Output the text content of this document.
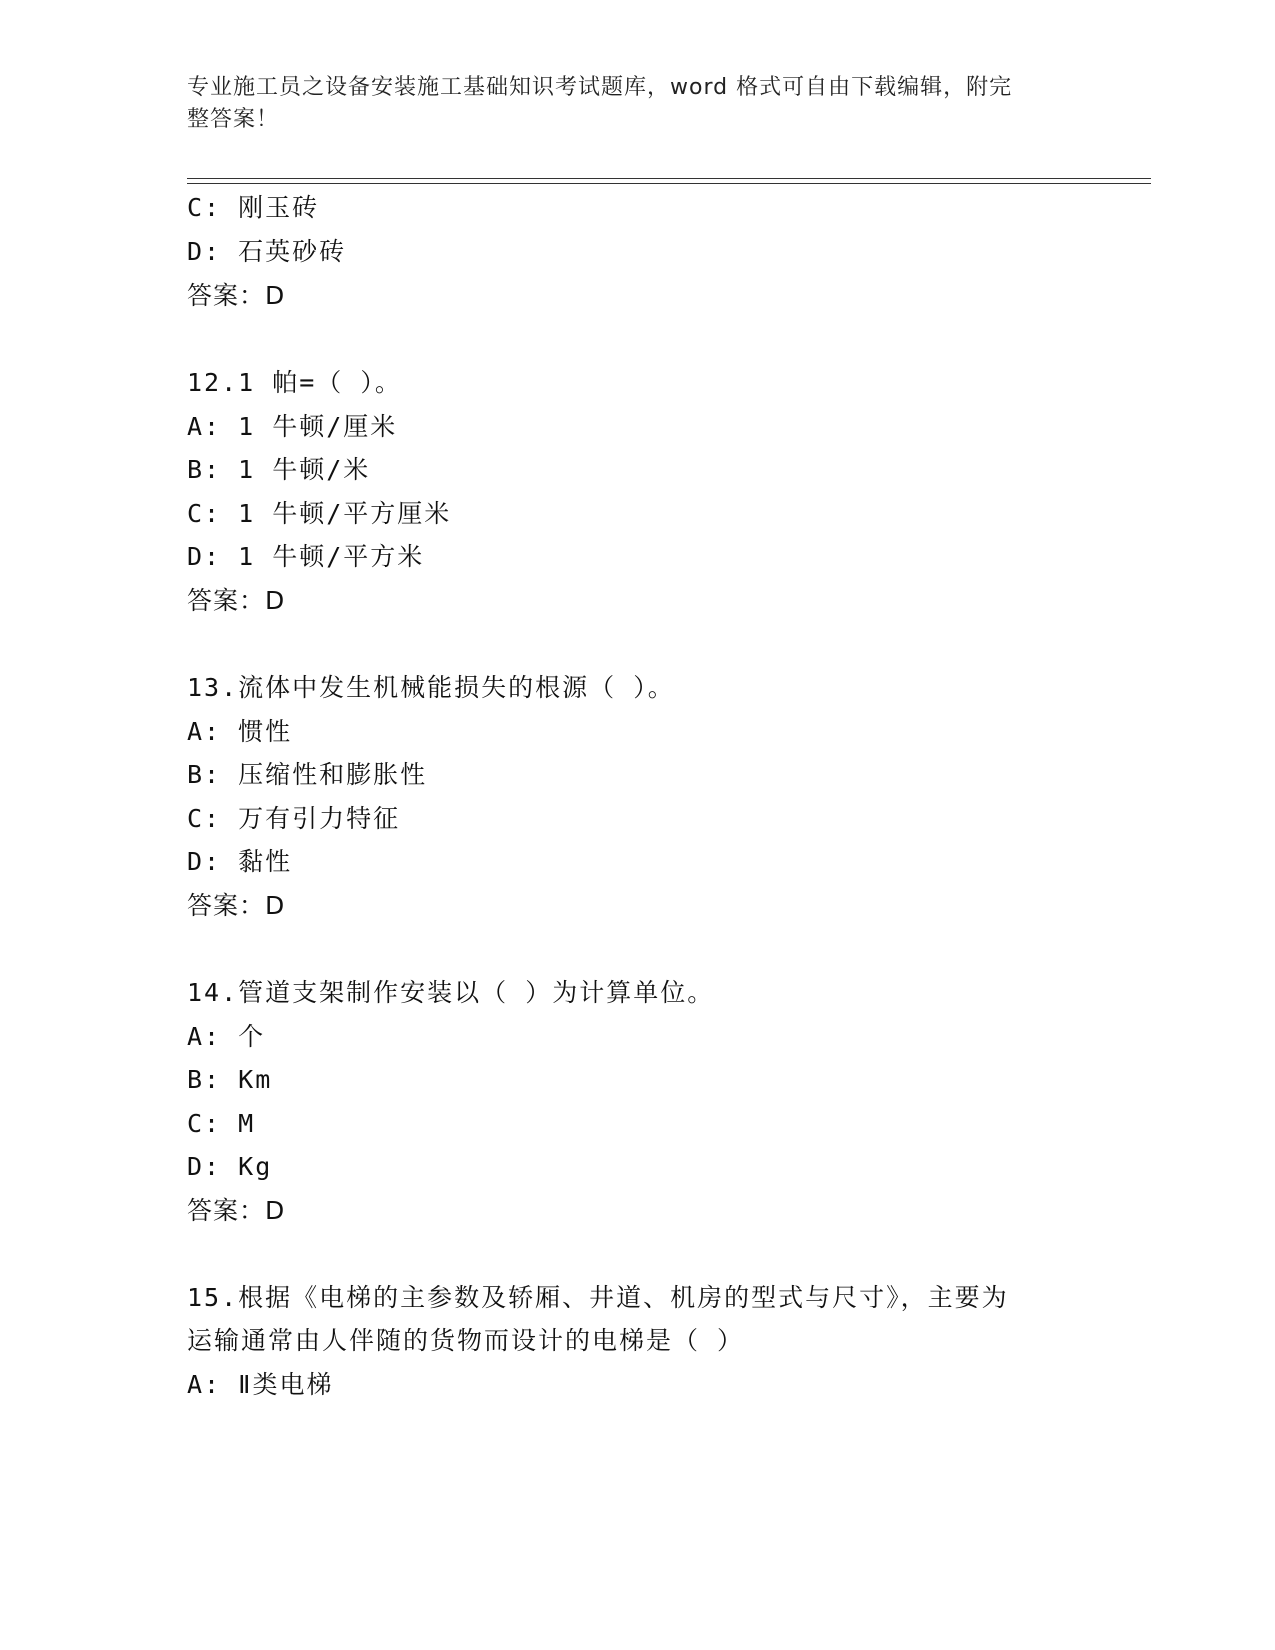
专业施工员之设备安装施工基础知识考试题库，word 格式可自由下载编辑，附完
整答案！
C: 刚玉砖
D: 石英砂砖
答案：D
12.1 帕=（ ）。
A: 1 牛顿/厘米
B: 1 牛顿/米
C: 1 牛顿/平方厘米
D: 1 牛顿/平方米
答案：D
13.流体中发生机械能损失的根源（ ）。
A: 惯性
B: 压缩性和膨胀性
C: 万有引力特征
D: 黏性
答案：D
14.管道支架制作安装以（ ）为计算单位。
A: 个
B: Km
C: M
D: Kg
答案：D
15.根据《电梯的主参数及轿厢、井道、机房的型式与尺寸》，主要为
运输通常由人伴随的货物而设计的电梯是（ ）
A: Ⅱ类电梯
